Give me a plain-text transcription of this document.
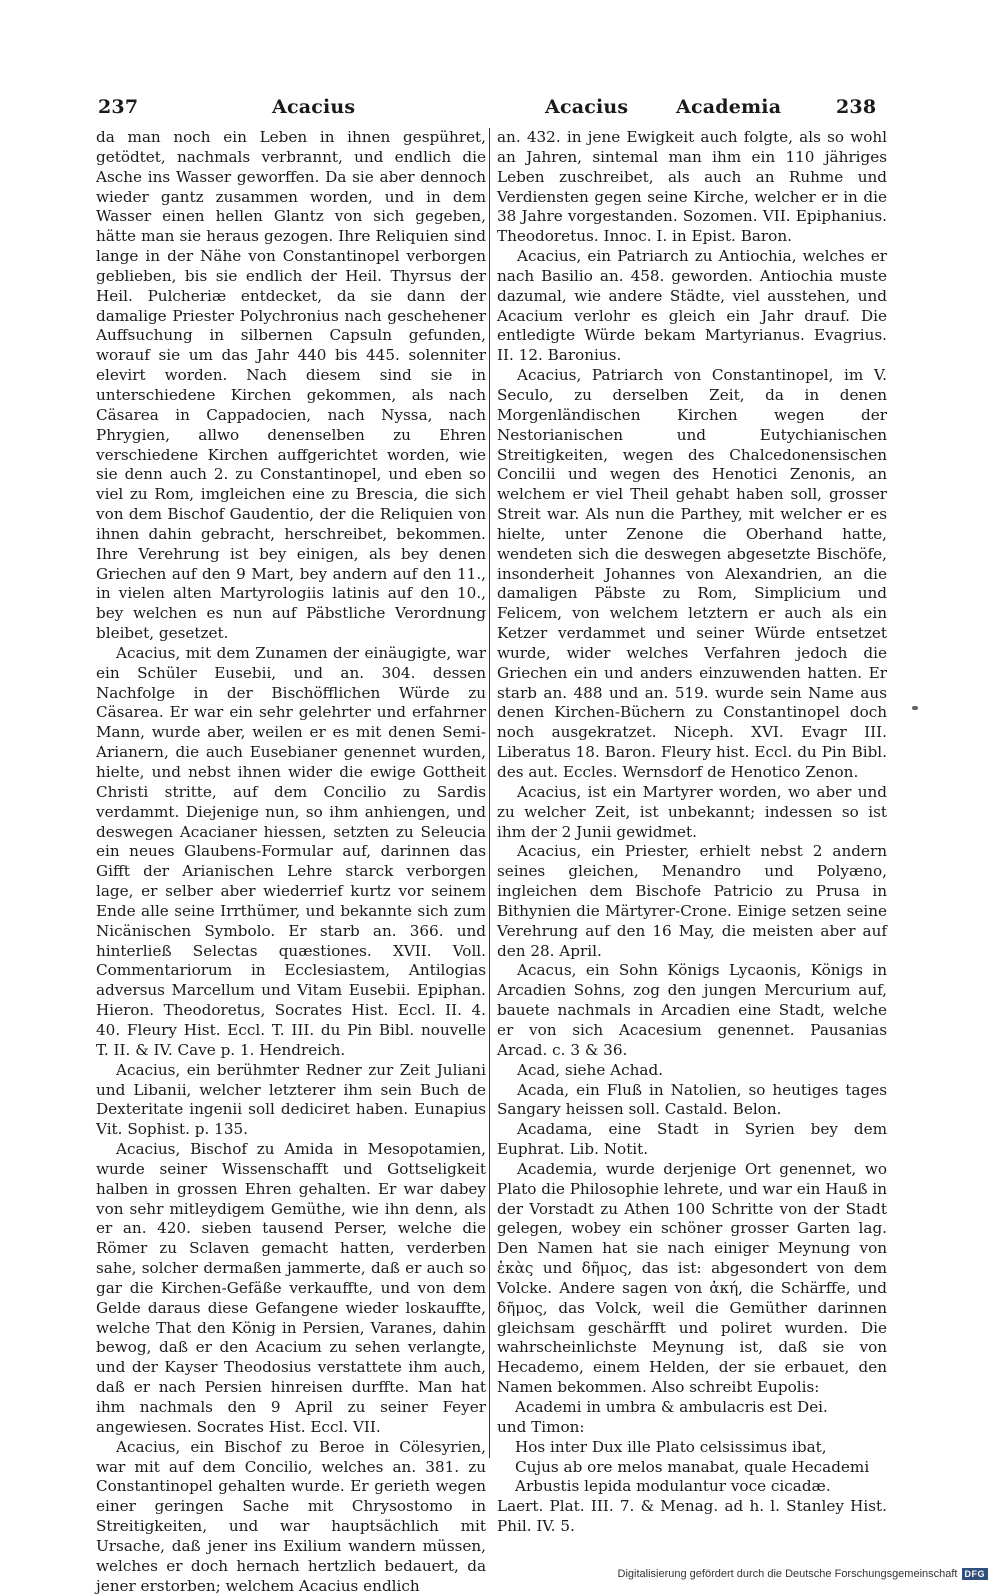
237	Acacius	Acacius	Academia	238

da man noch ein Leben in ihnen gespühret, getödtet, nachmals verbrannt, und endlich die Asche ins Wasser geworffen. Da sie aber dennoch wieder gantz zusammen worden, und in dem Wasser einen hellen Glantz von sich gegeben, hätte man sie heraus gezogen. Ihre Reliquien sind lange in der Nähe von Constantinopel verborgen geblieben, bis sie endlich der Heil. Thyrsus der Heil. Pulcheriæ entdecket, da sie dann der damalige Priester Polychronius nach geschehener Auffsuchung in silbernen Capsuln gefunden, worauf sie um das Jahr 440 bis 445. solenniter elevirt worden. Nach diesem sind sie in unterschiedene Kirchen gekommen, als nach Cäsarea in Cappadocien, nach Nyssa, nach Phrygien, allwo denenselben zu Ehren verschiedene Kirchen auffgerichtet worden, wie sie denn auch 2. zu Constantinopel, und eben so viel zu Rom, imgleichen eine zu Brescia, die sich von dem Bischof Gaudentio, der die Reliquien von ihnen dahin gebracht, herschreibet, bekommen. Ihre Verehrung ist bey einigen, als bey denen Griechen auf den 9 Mart, bey andern auf den 11., in vielen alten Martyrologiis latinis auf den 10., bey welchen es nun auf Päbstliche Verordnung bleibet, gesetzet.

Acacius, mit dem Zunamen der einäugigte, war ein Schüler Eusebii, und an. 304. dessen Nachfolge in der Bischöfflichen Würde zu Cäsarea. Er war ein sehr gelehrter und erfahrner Mann, wurde aber, weilen er es mit denen Semi-Arianern, die auch Eusebianer genennet wurden, hielte, und nebst ihnen wider die ewige Gottheit Christi stritte, auf dem Concilio zu Sardis verdammt. Diejenige nun, so ihm anhiengen, und deswegen Acacianer hiessen, setzten zu Seleucia ein neues Glaubens-Formular auf, darinnen das Gifft der Arianischen Lehre starck verborgen lage, er selber aber wiederrief kurtz vor seinem Ende alle seine Irrthümer, und bekannte sich zum Nicänischen Symbolo. Er starb an. 366. und hinterließ Selectas quæstiones. XVII. Voll. Commentariorum in Ecclesiastem, Antilogias adversus Marcellum und Vitam Eusebii. Epiphan. Hieron. Theodoretus, Socrates Hist. Eccl. II. 4. 40. Fleury Hist. Eccl. T. III. du Pin Bibl. nouvelle T. II. & IV. Cave p. 1. Hendreich.

Acacius, ein berühmter Redner zur Zeit Juliani und Libanii, welcher letzterer ihm sein Buch de Dexteritate ingenii soll dediciret haben. Eunapius Vit. Sophist. p. 135.

Acacius, Bischof zu Amida in Mesopotamien, wurde seiner Wissenschafft und Gottseligkeit halben in grossen Ehren gehalten. Er war dabey von sehr mitleydigem Gemüthe, wie ihn denn, als er an. 420. sieben tausend Perser, welche die Römer zu Sclaven gemacht hatten, verderben sahe, solcher dermaßen jammerte, daß er auch so gar die Kirchen-Gefäße verkauffte, und von dem Gelde daraus diese Gefangene wieder loskauffte, welche That den König in Persien, Varanes, dahin bewog, daß er den Acacium zu sehen verlangte, und der Kayser Theodosius verstattete ihm auch, daß er nach Persien hinreisen durffte. Man hat ihm nachmals den 9 April zu seiner Feyer angewiesen. Socrates Hist. Eccl. VII.

Acacius, ein Bischof zu Beroe in Cölesyrien, war mit auf dem Concilio, welches an. 381. zu Constantinopel gehalten wurde. Er gerieth wegen einer geringen Sache mit Chrysostomo in Streitigkeiten, und war hauptsächlich mit Ursache, daß jener ins Exilium wandern müssen, welches er doch hernach hertzlich bedauert, da jener erstorben; welchem Acacius endlich

an. 432. in jene Ewigkeit auch folgte, als so wohl an Jahren, sintemal man ihm ein 110 jähriges Leben zuschreibet, als auch an Ruhme und Verdiensten gegen seine Kirche, welcher er in die 38 Jahre vorgestanden. Sozomen. VII. Epiphanius. Theodoretus. Innoc. I. in Epist. Baron.

Acacius, ein Patriarch zu Antiochia, welches er nach Basilio an. 458. geworden. Antiochia muste dazumal, wie andere Städte, viel ausstehen, und Acacium verlohr es gleich ein Jahr drauf. Die entledigte Würde bekam Martyrianus. Evagrius. II. 12. Baronius.

Acacius, Patriarch von Constantinopel, im V. Seculo, zu derselben Zeit, da in denen Morgenländischen Kirchen wegen der Nestorianischen und Eutychianischen Streitigkeiten, wegen des Chalcedonensischen Concilii und wegen des Henotici Zenonis, an welchem er viel Theil gehabt haben soll, grosser Streit war. Als nun die Parthey, mit welcher er es hielte, unter Zenone die Oberhand hatte, wendeten sich die deswegen abgesetzte Bischöfe, insonderheit Johannes von Alexandrien, an die damaligen Päbste zu Rom, Simplicium und Felicem, von welchem letztern er auch als ein Ketzer verdammet und seiner Würde entsetzet wurde, wider welches Verfahren jedoch die Griechen ein und anders einzuwenden hatten. Er starb an. 488 und an. 519. wurde sein Name aus denen Kirchen-Büchern zu Constantinopel doch noch ausgekratzet. Niceph. XVI. Evagr III. Liberatus 18. Baron. Fleury hist. Eccl. du Pin Bibl. des aut. Eccles. Wernsdorf de Henotico Zenon.

Acacius, ist ein Martyrer worden, wo aber und zu welcher Zeit, ist unbekannt; indessen so ist ihm der 2 Junii gewidmet.

Acacius, ein Priester, erhielt nebst 2 andern seines gleichen, Menandro und Polyæno, ingleichen dem Bischofe Patricio zu Prusa in Bithynien die Märtyrer-Crone. Einige setzen seine Verehrung auf den 16 May, die meisten aber auf den 28. April.

Acacus, ein Sohn Königs Lycaonis, Königs in Arcadien Sohns, zog den jungen Mercurium auf, bauete nachmals in Arcadien eine Stadt, welche er von sich Acacesium genennet. Pausanias Arcad. c. 3 & 36.

Acad, siehe Achad.

Acada, ein Fluß in Natolien, so heutiges tages Sangary heissen soll. Castald. Belon.

Acadama, eine Stadt in Syrien bey dem Euphrat. Lib. Notit.

Academia, wurde derjenige Ort genennet, wo Plato die Philosophie lehrete, und war ein Hauß in der Vorstadt zu Athen 100 Schritte von der Stadt gelegen, wobey ein schöner grosser Garten lag. Den Namen hat sie nach einiger Meynung von ἑκὰς und δῆμος, das ist: abgesondert von dem Volcke. Andere sagen von ἀκή, die Schärffe, und δῆμος, das Volck, weil die Gemüther darinnen gleichsam geschärfft und poliret wurden. Die wahrscheinlichste Meynung ist, daß sie von Hecademo, einem Helden, der sie erbauet, den Namen bekommen. Also schreibt Eupolis:

Academi in umbra & ambulacris est Dei.

und Timon:

Hos inter Dux ille Plato celsissimus ibat,

Cujus ab ore melos manabat, quale Hecademi

Arbustis lepida modulantur voce cicadæ.

Laert. Plat. III. 7. & Menag. ad h. l. Stanley Hist. Phil. IV. 5.

Digitalisierung gefördert durch die Deutsche Forschungsgemeinschaft DFG
